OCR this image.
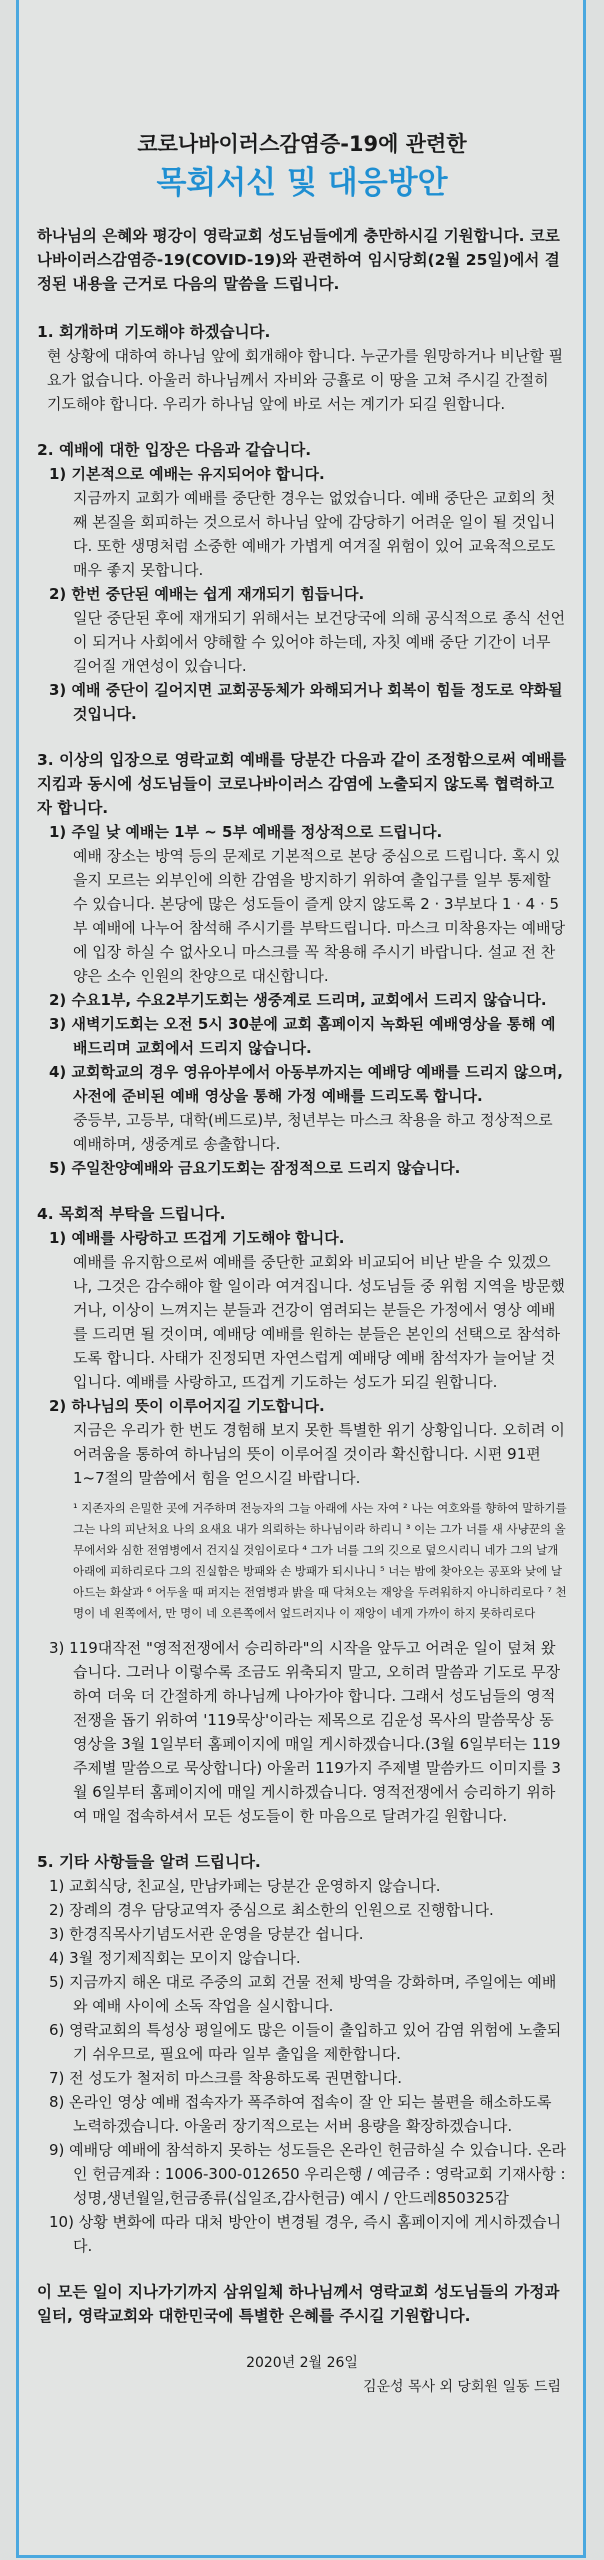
코로나바이러스감염증-19에 관련한

목회서신 및 대응방안

하나님의 은혜와 평강이 영락교회 성도님들에게 충만하시길 기원합니다. 코로나바이러스감염증-19(COVID-19)와 관련하여 임시당회(2월 25일)에서 결정된 내용을 근거로 다음의 말씀을 드립니다.

1. 회개하며 기도해야 하겠습니다.

현 상황에 대하여 하나님 앞에 회개해야 합니다. 누군가를 원망하거나 비난할 필요가 없습니다. 아울러 하나님께서 자비와 긍휼로 이 땅을 고쳐 주시길 간절히 기도해야 합니다. 우리가 하나님 앞에 바로 서는 계기가 되길 원합니다.

2. 예배에 대한 입장은 다음과 같습니다.

1) 기본적으로 예배는 유지되어야 합니다.

지금까지 교회가 예배를 중단한 경우는 없었습니다. 예배 중단은 교회의 첫째 본질을 회피하는 것으로서 하나님 앞에 감당하기 어려운 일이 될 것입니다. 또한 생명처럼 소중한 예배가 가볍게 여겨질 위험이 있어 교육적으로도 매우 좋지 못합니다.

2) 한번 중단된 예배는 쉽게 재개되기 힘듭니다.

일단 중단된 후에 재개되기 위해서는 보건당국에 의해 공식적으로 종식 선언이 되거나 사회에서 양해할 수 있어야 하는데, 자칫 예배 중단 기간이 너무 길어질 개연성이 있습니다.

3) 예배 중단이 길어지면 교회공동체가 와해되거나 회복이 힘들 정도로 약화될 것입니다.

3. 이상의 입장으로 영락교회 예배를 당분간 다음과 같이 조정함으로써 예배를 지킴과 동시에 성도님들이 코로나바이러스 감염에 노출되지 않도록 협력하고자 합니다.

1) 주일 낮 예배는 1부 ~ 5부 예배를 정상적으로 드립니다.

예배 장소는 방역 등의 문제로 기본적으로 본당 중심으로 드립니다. 혹시 있을지 모르는 외부인에 의한 감염을 방지하기 위하여 출입구를 일부 통제할 수 있습니다. 본당에 많은 성도들이 즐게 앉지 않도록 2 · 3부보다 1 · 4 · 5부 예배에 나누어 참석해 주시기를 부탁드립니다. 마스크 미착용자는 예배당에 입장 하실 수 없사오니 마스크를 꼭 착용해 주시기 바랍니다. 설교 전 찬양은 소수 인원의 찬양으로 대신합니다.

2) 수요1부, 수요2부기도회는 생중계로 드리며, 교회에서 드리지 않습니다.

3) 새벽기도회는 오전 5시 30분에 교회 홈페이지 녹화된 예배영상을 통해 예배드리며 교회에서 드리지 않습니다.

4) 교회학교의 경우 영유아부에서 아동부까지는 예배당 예배를 드리지 않으며, 사전에 준비된 예배 영상을 통해 가정 예배를 드리도록 합니다.

중등부, 고등부, 대학(베드로)부, 청년부는 마스크 착용을 하고 정상적으로 예배하며, 생중계로 송출합니다.

5) 주일찬양예배와 금요기도회는 잠정적으로 드리지 않습니다.

4. 목회적 부탁을 드립니다.

1) 예배를 사랑하고 뜨겁게 기도해야 합니다.

예배를 유지함으로써 예배를 중단한 교회와 비교되어 비난 받을 수 있겠으나, 그것은 감수해야 할 일이라 여겨집니다. 성도님들 중 위험 지역을 방문했거나, 이상이 느껴지는 분들과 건강이 염려되는 분들은 가정에서 영상 예배를 드리면 될 것이며, 예배당 예배를 원하는 분들은 본인의 선택으로 참석하도록 합니다. 사태가 진정되면 자연스럽게 예배당 예배 참석자가 늘어날 것입니다. 예배를 사랑하고, 뜨겁게 기도하는 성도가 되길 원합니다.

2) 하나님의 뜻이 이루어지길 기도합니다.

지금은 우리가 한 번도 경험해 보지 못한 특별한 위기 상황입니다. 오히려 이 어려움을 통하여 하나님의 뜻이 이루어질 것이라 확신합니다. 시편 91편 1~7절의 말씀에서 힘을 얻으시길 바랍니다.

¹ 지존자의 은밀한 곳에 거주하며 전능자의 그늘 아래에 사는 자여 ² 나는 여호와를 향하여 말하기를 그는 나의 피난처요 나의 요새요 내가 의뢰하는 하나님이라 하리니 ³ 이는 그가 너를 새 사냥꾼의 올무에서와 심한 전염병에서 건지실 것임이로다 ⁴ 그가 너를 그의 깃으로 덮으시리니 네가 그의 날개 아래에 피하리로다 그의 진실함은 방패와 손 방패가 되시나니 ⁵ 너는 밤에 찾아오는 공포와 낮에 날아드는 화살과 ⁶ 어두울 때 퍼지는 전염병과 밝을 때 닥쳐오는 재앙을 두려워하지 아니하리로다 ⁷ 천 명이 네 왼쪽에서, 만 명이 네 오른쪽에서 엎드러지나 이 재앙이 네게 가까이 하지 못하리로다

3) 119대작전 "영적전쟁에서 승리하라"의 시작을 앞두고 어려운 일이 덮쳐 왔습니다. 그러나 이렇수록 조금도 위축되지 말고, 오히려 말씀과 기도로 무장하여 더욱 더 간절하게 하나님께 나아가야 합니다. 그래서 성도님들의 영적 전쟁을 돕기 위하여 '119묵상'이라는 제목으로 김운성 목사의 말씀묵상 동영상을 3월 1일부터 홈페이지에 매일 게시하겠습니다.(3월 6일부터는 119 주제별 말씀으로 묵상합니다) 아울러 119가지 주제별 말씀카드 이미지를 3월 6일부터 홈페이지에 매일 게시하겠습니다. 영적전쟁에서 승리하기 위하여 매일 접속하셔서 모든 성도들이 한 마음으로 달려가길 원합니다.

5. 기타 사항들을 알려 드립니다.

1) 교회식당, 친교실, 만남카페는 당분간 운영하지 않습니다.

2) 장례의 경우 담당교역자 중심으로 최소한의 인원으로 진행합니다.

3) 한경직목사기념도서관 운영을 당분간 쉽니다.

4) 3월 정기제직회는 모이지 않습니다.

5) 지금까지 해온 대로 주중의 교회 건물 전체 방역을 강화하며, 주일에는 예배와 예배 사이에 소독 작업을 실시합니다.

6) 영락교회의 특성상 평일에도 많은 이들이 출입하고 있어 감염 위험에 노출되기 쉬우므로, 필요에 따라 일부 출입을 제한합니다.

7) 전 성도가 철저히 마스크를 착용하도록 권면합니다.

8) 온라인 영상 예배 접속자가 폭주하여 접속이 잘 안 되는 불편을 해소하도록 노력하겠습니다. 아울러 장기적으로는 서버 용량을 확장하겠습니다.

9) 예배당 예배에 참석하지 못하는 성도들은 온라인 헌금하실 수 있습니다. 온라인 헌금계좌 : 1006-300-012650 우리은행 / 예금주 : 영락교회 기재사항 : 성명,생년월일,헌금종류(십일조,감사헌금) 예시 / 안드레850325감

10) 상황 변화에 따라 대처 방안이 변경될 경우, 즉시 홈페이지에 게시하겠습니다.

이 모든 일이 지나가기까지 삼위일체 하나님께서 영락교회 성도님들의 가정과 일터, 영락교회와 대한민국에 특별한 은혜를 주시길 기원합니다.

2020년 2월 26일

김운성 목사 외 당회원 일동 드림
